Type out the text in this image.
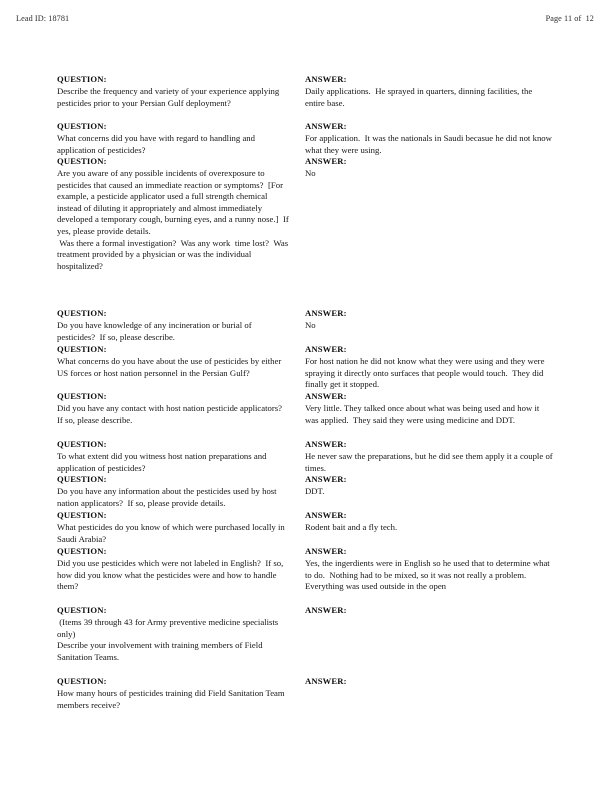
Lead ID: 18781	Page 11 of  12
QUESTION:
Describe the frequency and variety of your experience applying pesticides prior to your Persian Gulf deployment?
QUESTION:
What concerns did you have with regard to handling and application of pesticides?
QUESTION:
Are you aware of any possible incidents of overexposure to pesticides that caused an immediate reaction or symptoms?  [For example, a pesticide applicator used a full strength chemical instead of diluting it appropriately and almost immediately developed a temporary cough, burning eyes, and a runny nose.]  If yes, please provide details.
Was there a formal investigation?  Was any work  time lost?  Was treatment provided by a physician or was the individual hospitalized?
QUESTION:
Do you have knowledge of any incineration or burial of pesticides?  If so, please describe.
QUESTION:
What concerns do you have about the use of pesticides by either US forces or host nation personnel in the Persian Gulf?
QUESTION:
Did you have any contact with host nation pesticide applicators?  If so, please describe.
QUESTION:
To what extent did you witness host nation preparations and application of pesticides?
QUESTION:
Do you have any information about the pesticides used by host nation applicators?  If so, please provide details.
QUESTION:
What pesticides do you know of which were purchased locally in Saudi Arabia?
QUESTION:
Did you use pesticides which were not labeled in English?  If so, how did you know what the pesticides were and how to handle them?
QUESTION:
(Items 39 through 43 for Army preventive medicine specialists only)
Describe your involvement with training members of Field Sanitation Teams.
QUESTION:
How many hours of pesticides training did Field Sanitation Team members receive?
ANSWER:
Daily applications.  He sprayed in quarters, dinning facilities, the entire base.
ANSWER:
For application.  It was the nationals in Saudi becasue he did not know what they were using.
ANSWER:
No
ANSWER:
No
ANSWER:
For host nation he did not know what they were using and they were spraying it directly onto surfaces that people would touch.  They did finally get it stopped.
ANSWER:
Very little. They talked once about what was being used and how it was applied.  They said they were using medicine and DDT.
ANSWER:
He never saw the preparations, but he did see them apply it a couple of times.
ANSWER:
DDT.
ANSWER:
Rodent bait and a fly tech.
ANSWER:
Yes, the ingerdients were in English so he used that to determine what to do.  Nothing had to be mixed, so it was not really a problem.  Everything was used outside in the open
ANSWER:
ANSWER:
